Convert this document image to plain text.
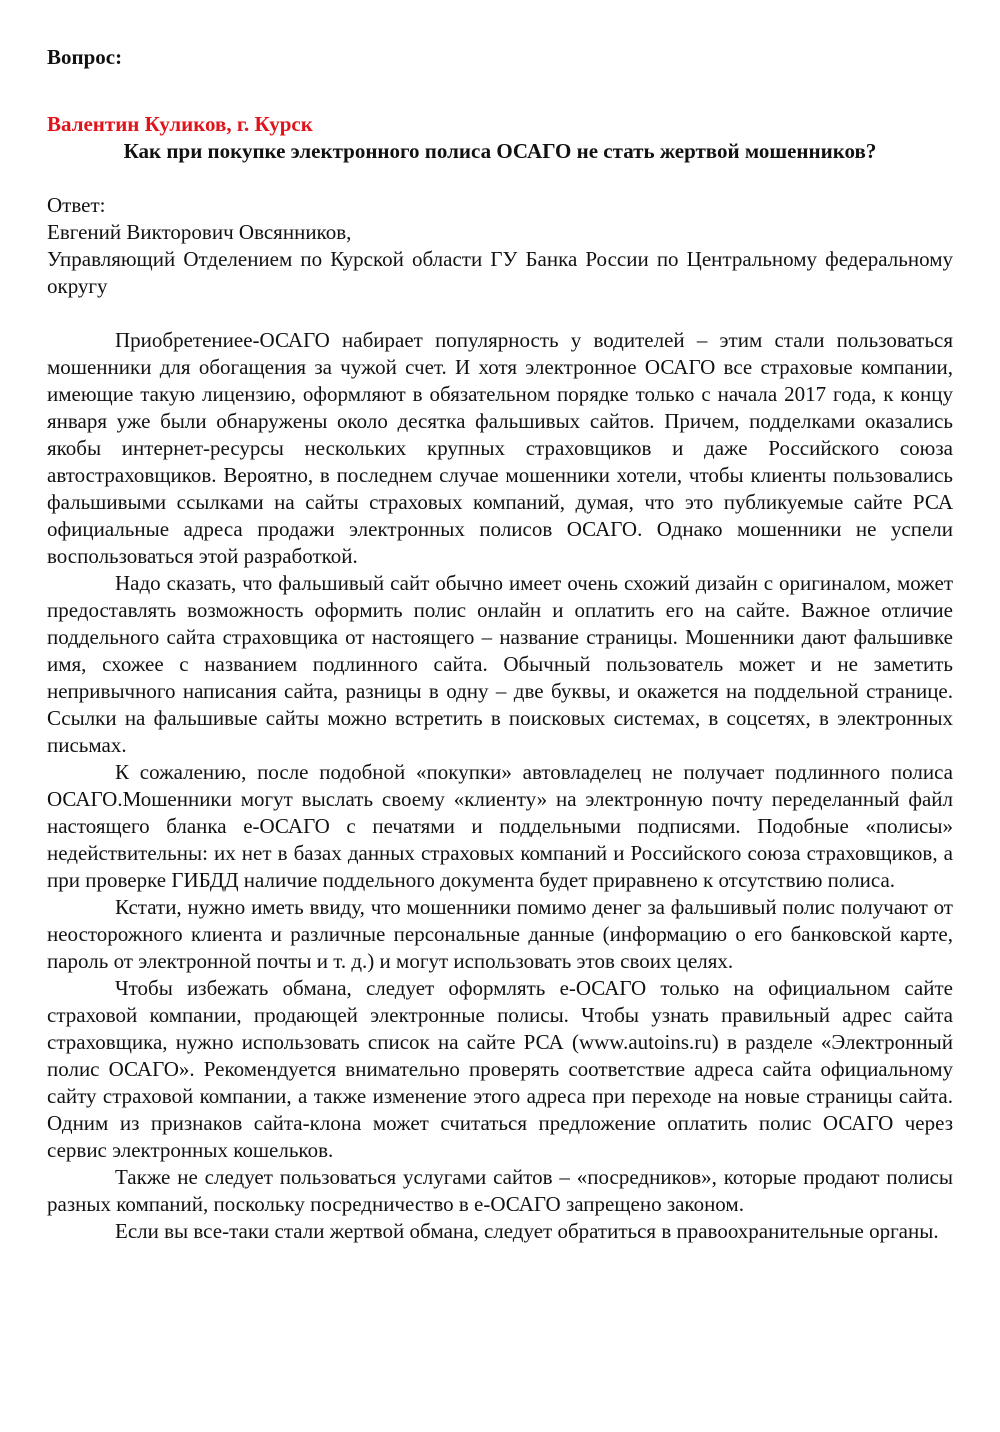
Вопрос:

Валентин Куликов, г. Курск

Как при покупке электронного полиса ОСАГО не стать жертвой мошенников?

Ответ:

Евгений Викторович Овсянников,

Управляющий Отделением по Курской области ГУ Банка России по Центральному федеральному округу

Приобретениее-ОСАГО набирает популярность у водителей – этим стали пользоваться мошенники для обогащения за чужой счет. И хотя электронное ОСАГО все страховые компании, имеющие такую лицензию, оформляют в обязательном порядке только с начала 2017 года, к концу января уже были обнаружены около десятка фальшивых сайтов. Причем, подделками оказались якобы интернет-ресурсы нескольких крупных страховщиков и даже Российского союза автостраховщиков. Вероятно, в последнем случае мошенники хотели, чтобы клиенты пользовались фальшивыми ссылками на сайты страховых компаний, думая, что это публикуемые сайте РСА официальные адреса продажи электронных полисов ОСАГО. Однако мошенники не успели воспользоваться этой разработкой.

Надо сказать, что фальшивый сайт обычно имеет очень схожий дизайн с оригиналом, может предоставлять возможность оформить полис онлайн и оплатить его на сайте. Важное отличие поддельного сайта страховщика от настоящего – название страницы. Мошенники дают фальшивке имя, схожее с названием подлинного сайта. Обычный пользователь может и не заметить непривычного написания сайта, разницы в одну – две буквы, и окажется на поддельной странице. Ссылки на фальшивые сайты можно встретить в поисковых системах, в соцсетях, в электронных письмах.

К сожалению, после подобной «покупки» автовладелец не получает подлинного полиса ОСАГО.Мошенники могут выслать своему «клиенту» на электронную почту переделанный файл настоящего бланка е-ОСАГО с печатями и поддельными подписями. Подобные «полисы» недействительны: их нет в базах данных страховых компаний и Российского союза страховщиков, а при проверке ГИБДД наличие поддельного документа будет приравнено к отсутствию полиса.

Кстати, нужно иметь ввиду, что мошенники помимо денег за фальшивый полис получают от неосторожного клиента и различные персональные данные (информацию о его банковской карте, пароль от электронной почты и т. д.) и могут использовать этов своих целях.

Чтобы избежать обмана, следует оформлять е-ОСАГО только на официальном сайте страховой компании, продающей электронные полисы. Чтобы узнать правильный адрес сайта страховщика, нужно использовать список на сайте РСА (www.autoins.ru) в разделе «Электронный полис ОСАГО». Рекомендуется внимательно проверять соответствие адреса сайта официальному сайту страховой компании, а также изменение этого адреса при переходе на новые страницы сайта. Одним из признаков сайта-клона может считаться предложение оплатить полис ОСАГО через сервис электронных кошельков.

Также не следует пользоваться услугами сайтов – «посредников», которые продают полисы разных компаний, поскольку посредничество в е-ОСАГО запрещено законом.

Если вы все-таки стали жертвой обмана, следует обратиться в правоохранительные органы.
